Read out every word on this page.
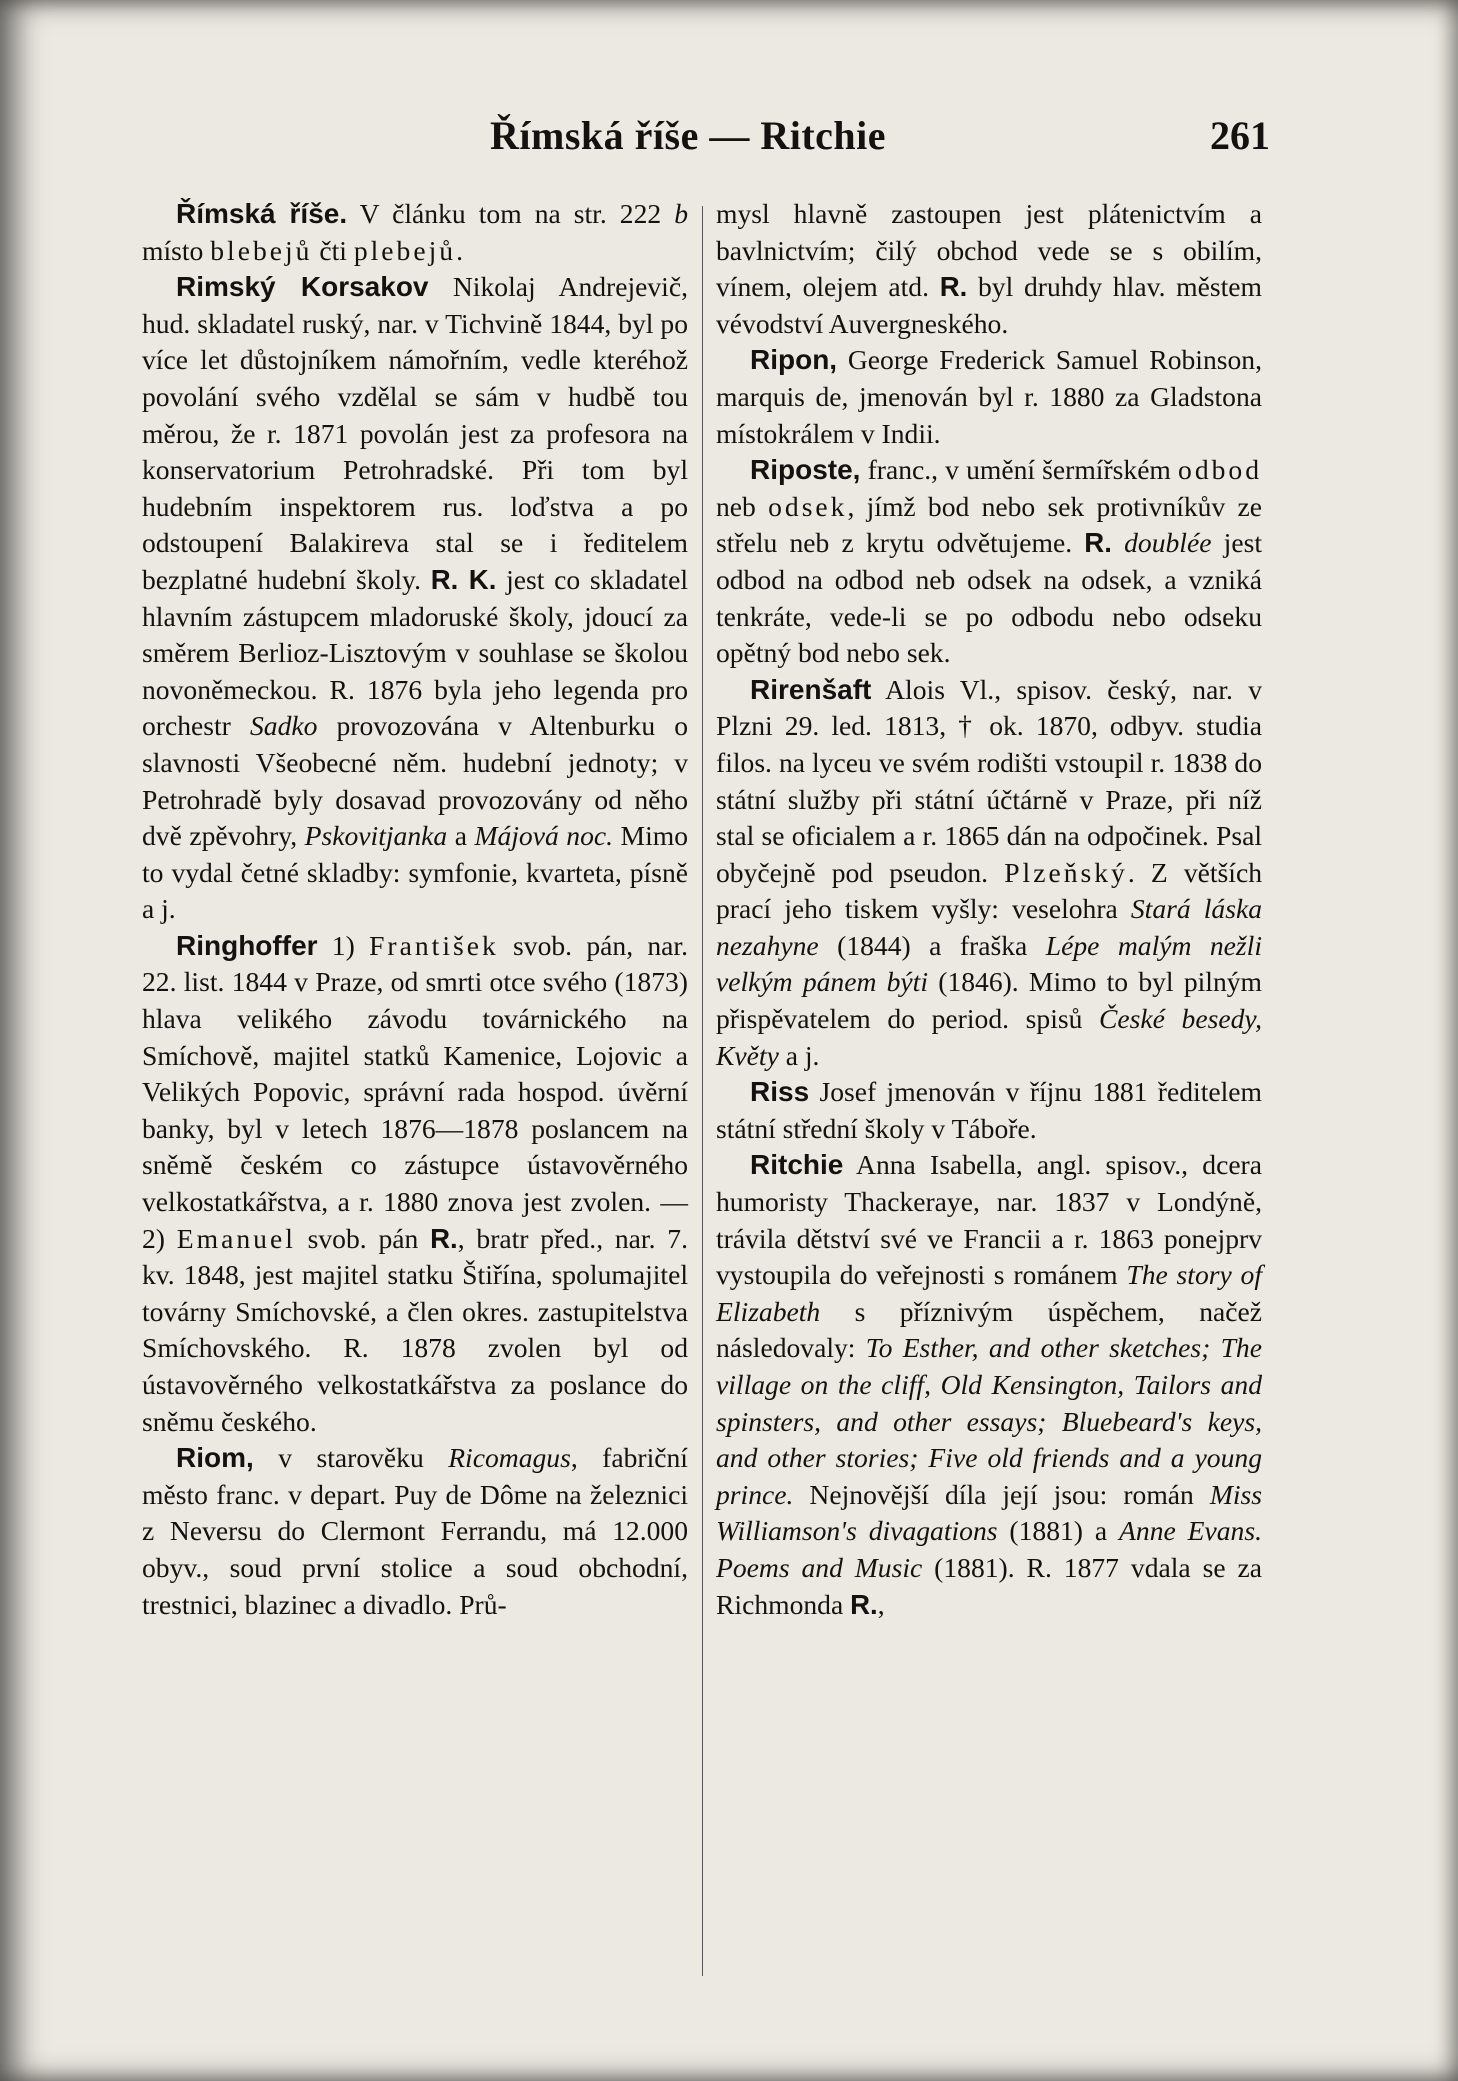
Římská říše — Ritchie	261

Římská říše. V článku tom na str. 222 b místo blebejů čti plebejů.

Rimský Korsakov Nikolaj Andrejevič, hud. skladatel ruský, nar. v Tichvině 1844, byl po více let důstojníkem námořním, vedle kteréhož povolání svého vzdělal se sám v hudbě tou měrou, že r. 1871 povolán jest za profesora na konservatorium Petrohradské. Při tom byl hudebním inspektorem rus. loďstva a po odstoupení Balakireva stal se i ředitelem bezplatné hudební školy. R. K. jest co skladatel hlavním zástupcem mladoruské školy, jdoucí za směrem Berlioz-Lisztovým v souhlase se školou novoněmeckou. R. 1876 byla jeho legenda pro orchestr Sadko provozována v Altenburku o slavnosti Všeobecné něm. hudební jednoty; v Petrohradě byly dosavad provozovány od něho dvě zpěvohry, Pskovitjanka a Májová noc. Mimo to vydal četné skladby: symfonie, kvarteta, písně a j.

Ringhoffer 1) František svob. pán, nar. 22. list. 1844 v Praze, od smrti otce svého (1873) hlava velikého závodu továrnického na Smíchově, majitel statků Kamenice, Lojovic a Velikých Popovic, správní rada hospod. úvěrní banky, byl v letech 1876—1878 poslancem na sněmě českém co zástupce ústavověrného velkostatkářstva, a r. 1880 znova jest zvolen. — 2) Emanuel svob. pán R., bratr před., nar. 7. kv. 1848, jest majitel statku Štiřína, spolumajitel továrny Smíchovské, a člen okres. zastupitelstva Smíchovského. R. 1878 zvolen byl od ústavověrného velkostatkářstva za poslance do sněmu českého.

Riom, v starověku Ricomagus, fabriční město franc. v depart. Puy de Dôme na železnici z Neversu do Clermont Ferrandu, má 12.000 obyv., soud první stolice a soud obchodní, trestnici, blazinec a divadlo. Prů-

mysl hlavně zastoupen jest plátenictvím a bavlnictvím; čilý obchod vede se s obilím, vínem, olejem atd. R. byl druhdy hlav. městem vévodství Auvergneského.

Ripon, George Frederick Samuel Robinson, marquis de, jmenován byl r. 1880 za Gladstona místokrálem v Indii.

Riposte, franc., v umění šermířském odbod neb odsek, jímž bod nebo sek protivníkův ze střelu neb z krytu odvětujeme. R. doublée jest odbod na odbod neb odsek na odsek, a vzniká tenkráte, vede-li se po odbodu nebo odseku opětný bod nebo sek.

Rirenšaft Alois Vl., spisov. český, nar. v Plzni 29. led. 1813, † ok. 1870, odbyv. studia filos. na lyceu ve svém rodišti vstoupil r. 1838 do státní služby při státní účtárně v Praze, při níž stal se oficialem a r. 1865 dán na odpočinek. Psal obyčejně pod pseudon. Plzeňský. Z větších prací jeho tiskem vyšly: veselohra Stará láska nezahyne (1844) a fraška Lépe malým nežli velkým pánem býti (1846). Mimo to byl pilným přispěvatelem do period. spisů České besedy, Květy a j.

Riss Josef jmenován v říjnu 1881 ředitelem státní střední školy v Táboře.

Ritchie Anna Isabella, angl. spisov., dcera humoristy Thackeraye, nar. 1837 v Londýně, trávila dětství své ve Francii a r. 1863 ponejprv vystoupila do veřejnosti s románem The story of Elizabeth s příznivým úspěchem, načež následovaly: To Esther, and other sketches; The village on the cliff, Old Kensington, Tailors and spinsters, and other essays; Bluebeard's keys, and other stories; Five old friends and a young prince. Nejnovější díla její jsou: román Miss Williamson's divagations (1881) a Anne Evans. Poems and Music (1881). R. 1877 vdala se za Richmonda R.,
